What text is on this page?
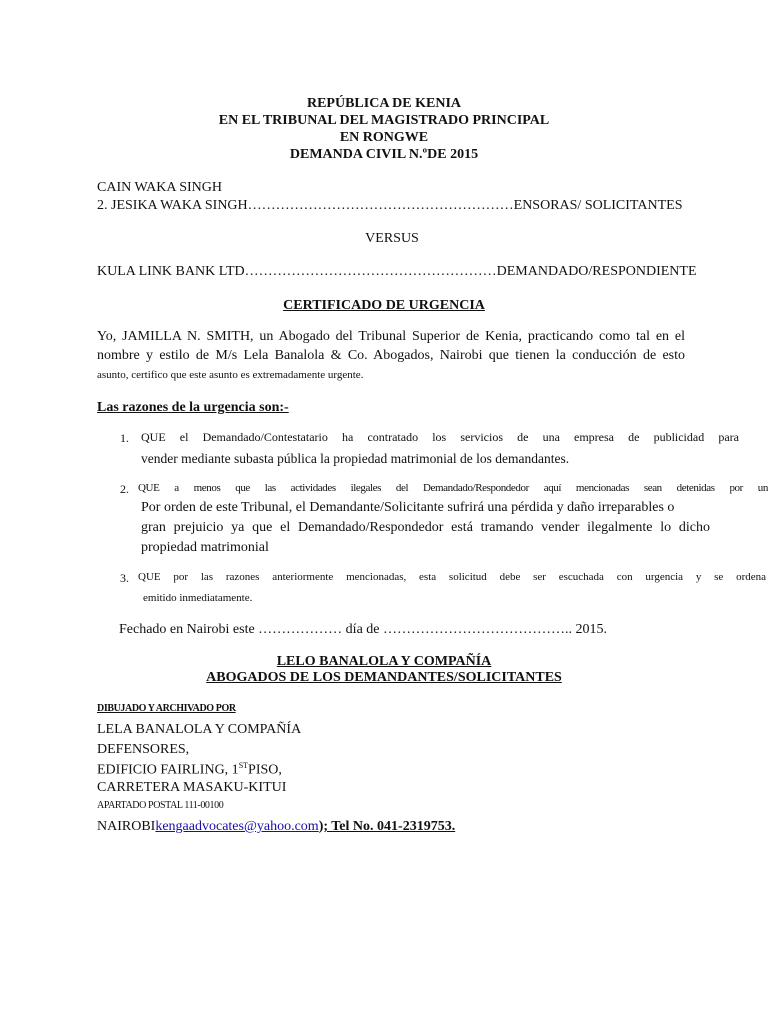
REPÚBLICA DE KENIA
EN EL TRIBUNAL DEL MAGISTRADO PRINCIPAL
EN RONGWE
DEMANDA CIVIL N.ºDE 2015
CAIN WAKA SINGH
2. JESIKA WAKA SINGH…………………………………………………ENSORAS/ SOLICITANTES
VERSUS
KULA LINK BANK LTD………………………………………………DEMANDADO/RESPONDIENTE
CERTIFICADO DE URGENCIA
Yo, JAMILLA N. SMITH, un Abogado del Tribunal Superior de Kenia, practicando como tal en el
nombre y estilo de M/s Lela Banalola & Co. Abogados, Nairobi que tienen la conducción de esto
asunto, certifico que este asunto es extremadamente urgente.
Las razones de la urgencia son:-
1. QUE el Demandado/Contestatario ha contratado los servicios de una empresa de publicidad para
vender mediante subasta pública la propiedad matrimonial de los demandantes.
2. QUE a menos que las actividades ilegales del Demandado/Respondedor aquí mencionadas sean detenidas por un
Por orden de este Tribunal, el Demandante/Solicitante sufrirá una pérdida y daño irreparables o
gran prejuicio ya que el Demandado/Respondedor está tramando vender ilegalmente lo dicho
propiedad matrimonial
3. QUE por las razones anteriormente mencionadas, esta solicitud debe ser escuchada con urgencia y se ordena
emitido inmediatamente.
Fechado en Nairobi este ……………… día de ………………………………….. 2015.
LELO BANALOLA Y COMPAÑÍA
ABOGADOS DE LOS DEMANDANTES/SOLICITANTES
DIBUJADO Y ARCHIVADO POR
LELA BANALOLA Y COMPAÑÍA
DEFENSORES,
EDIFICIO FAIRLING, 1STPISO,
CARRETERA MASAKU-KITUI
APARTADO POSTAL 111-00100
NAIROBIkengaadvocates@yahoo.com); Tel No. 041-2319753.
